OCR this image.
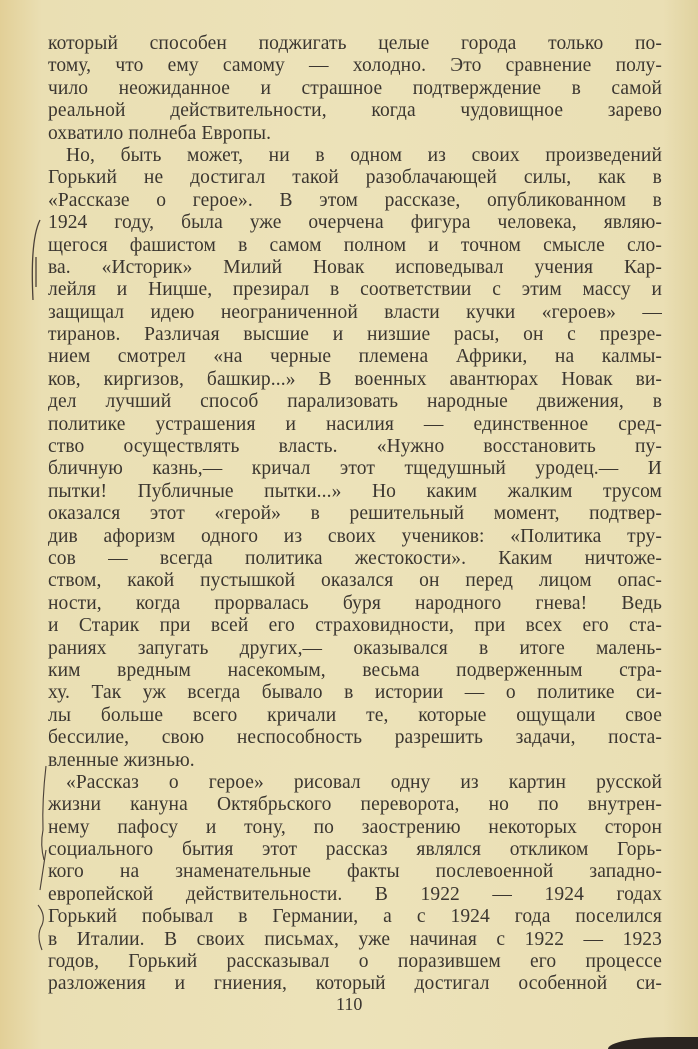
который способен поджигать целые города только по-
тому, что ему самому — холодно. Это сравнение полу-
чило неожиданное и страшное подтверждение в самой
реальной действительности, когда чудовищное зарево
охватило полнеба Европы.
Но, быть может, ни в одном из своих произведений
Горький не достигал такой разоблачающей силы, как в
«Рассказе о герое». В этом рассказе, опубликованном в
1924 году, была уже очерчена фигура человека, являю-
щегося фашистом в самом полном и точном смысле сло-
ва. «Историк» Милий Новак исповедывал учения Кар-
лейля и Ницше, презирал в соответствии с этим массу и
защищал идею неограниченной власти кучки «героев» —
тиранов. Различая высшие и низшие расы, он с презре-
нием смотрел «на черные племена Африки, на калмы-
ков, киргизов, башкир...» В военных авантюрах Новак ви-
дел лучший способ парализовать народные движения, в
политике устрашения и насилия — единственное сред-
ство осуществлять власть. «Нужно восстановить пу-
бличную казнь,— кричал этот тщедушный уродец.— И
пытки! Публичные пытки...» Но каким жалким трусом
оказался этот «герой» в решительный момент, подтвер-
див афоризм одного из своих учеников: «Политика тру-
сов — всегда политика жестокости». Каким ничтоже-
ством, какой пустышкой оказался он перед лицом опас-
ности, когда прорвалась буря народного гнева! Ведь
и Старик при всей его страховидности, при всех его ста-
раниях запугать других,— оказывался в итоге малень-
ким вредным насекомым, весьма подверженным стра-
ху. Так уж всегда бывало в истории — о политике си-
лы больше всего кричали те, которые ощущали свое
бессилие, свою неспособность разрешить задачи, поста-
вленные жизнью.
«Рассказ о герое» рисовал одну из картин русской
жизни кануна Октябрьского переворота, но по внутрен-
нему пафосу и тону, по заострению некоторых сторон
социального бытия этот рассказ являлся откликом Горь-
кого на знаменательные факты послевоенной западно-
европейской действительности. В 1922 — 1924 годах
Горький побывал в Германии, а с 1924 года поселился
в Италии. В своих письмах, уже начиная с 1922 — 1923
годов, Горький рассказывал о поразившем его процессе
разложения и гниения, который достигал особенной си-
110
